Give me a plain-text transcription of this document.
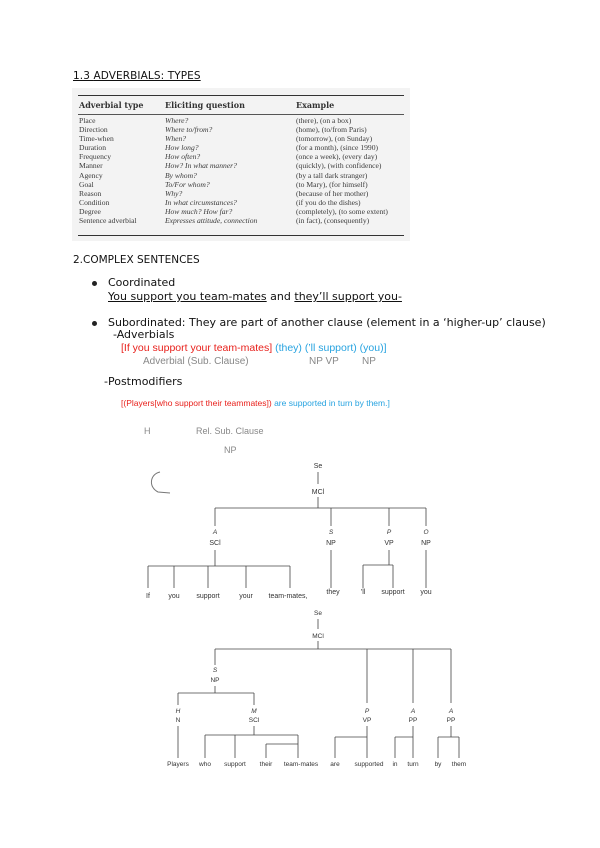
1.3 ADVERBIALS: TYPES
Adverbial type	Eliciting question	Example
Place	Where?	(there), (on a box)
Direction	Where to/from?	(home), (to/from Paris)
Time-when	When?	(tomorrow), (on Sunday)
Duration	How long?	(for a month), (since 1990)
Frequency	How often?	(once a week), (every day)
Manner	How? In what manner?	(quickly), (with confidence)
Agency	By whom?	(by a tall dark stranger)
Goal	To/For whom?	(to Mary), (for himself)
Reason	Why?	(because of her mother)
Condition	In what circumstances?	(if you do the dishes)
Degree	How much? How far?	(completely), (to some extent)
Sentence adverbial	Expresses attitude, connection	(in fact), (consequently)
2.COMPLEX SENTENCES
Coordinated
You support you team-mates and they’ll support you-
Subordinated: They are part of another clause (element in a ‘higher-up’ clause)
-Adverbials
[If you support your team-mates] (they) (’ll support) (you)]
Adverbial (Sub. Clause)	NP VP NP
-Postmodifiers
[(Players[who support their teammates]) are supported in turn by them.]
H	Rel. Sub. Clause
NP
Se
MCl
A
SCl
S
NP
P
VP
O
NP
If	you support	your team-mates,
they	’ll support you
Se
MCl
S
NP
H
N
M
SCl
P
VP
A
PP
A
PP
Players who support their team-mates are supported in turn by them
